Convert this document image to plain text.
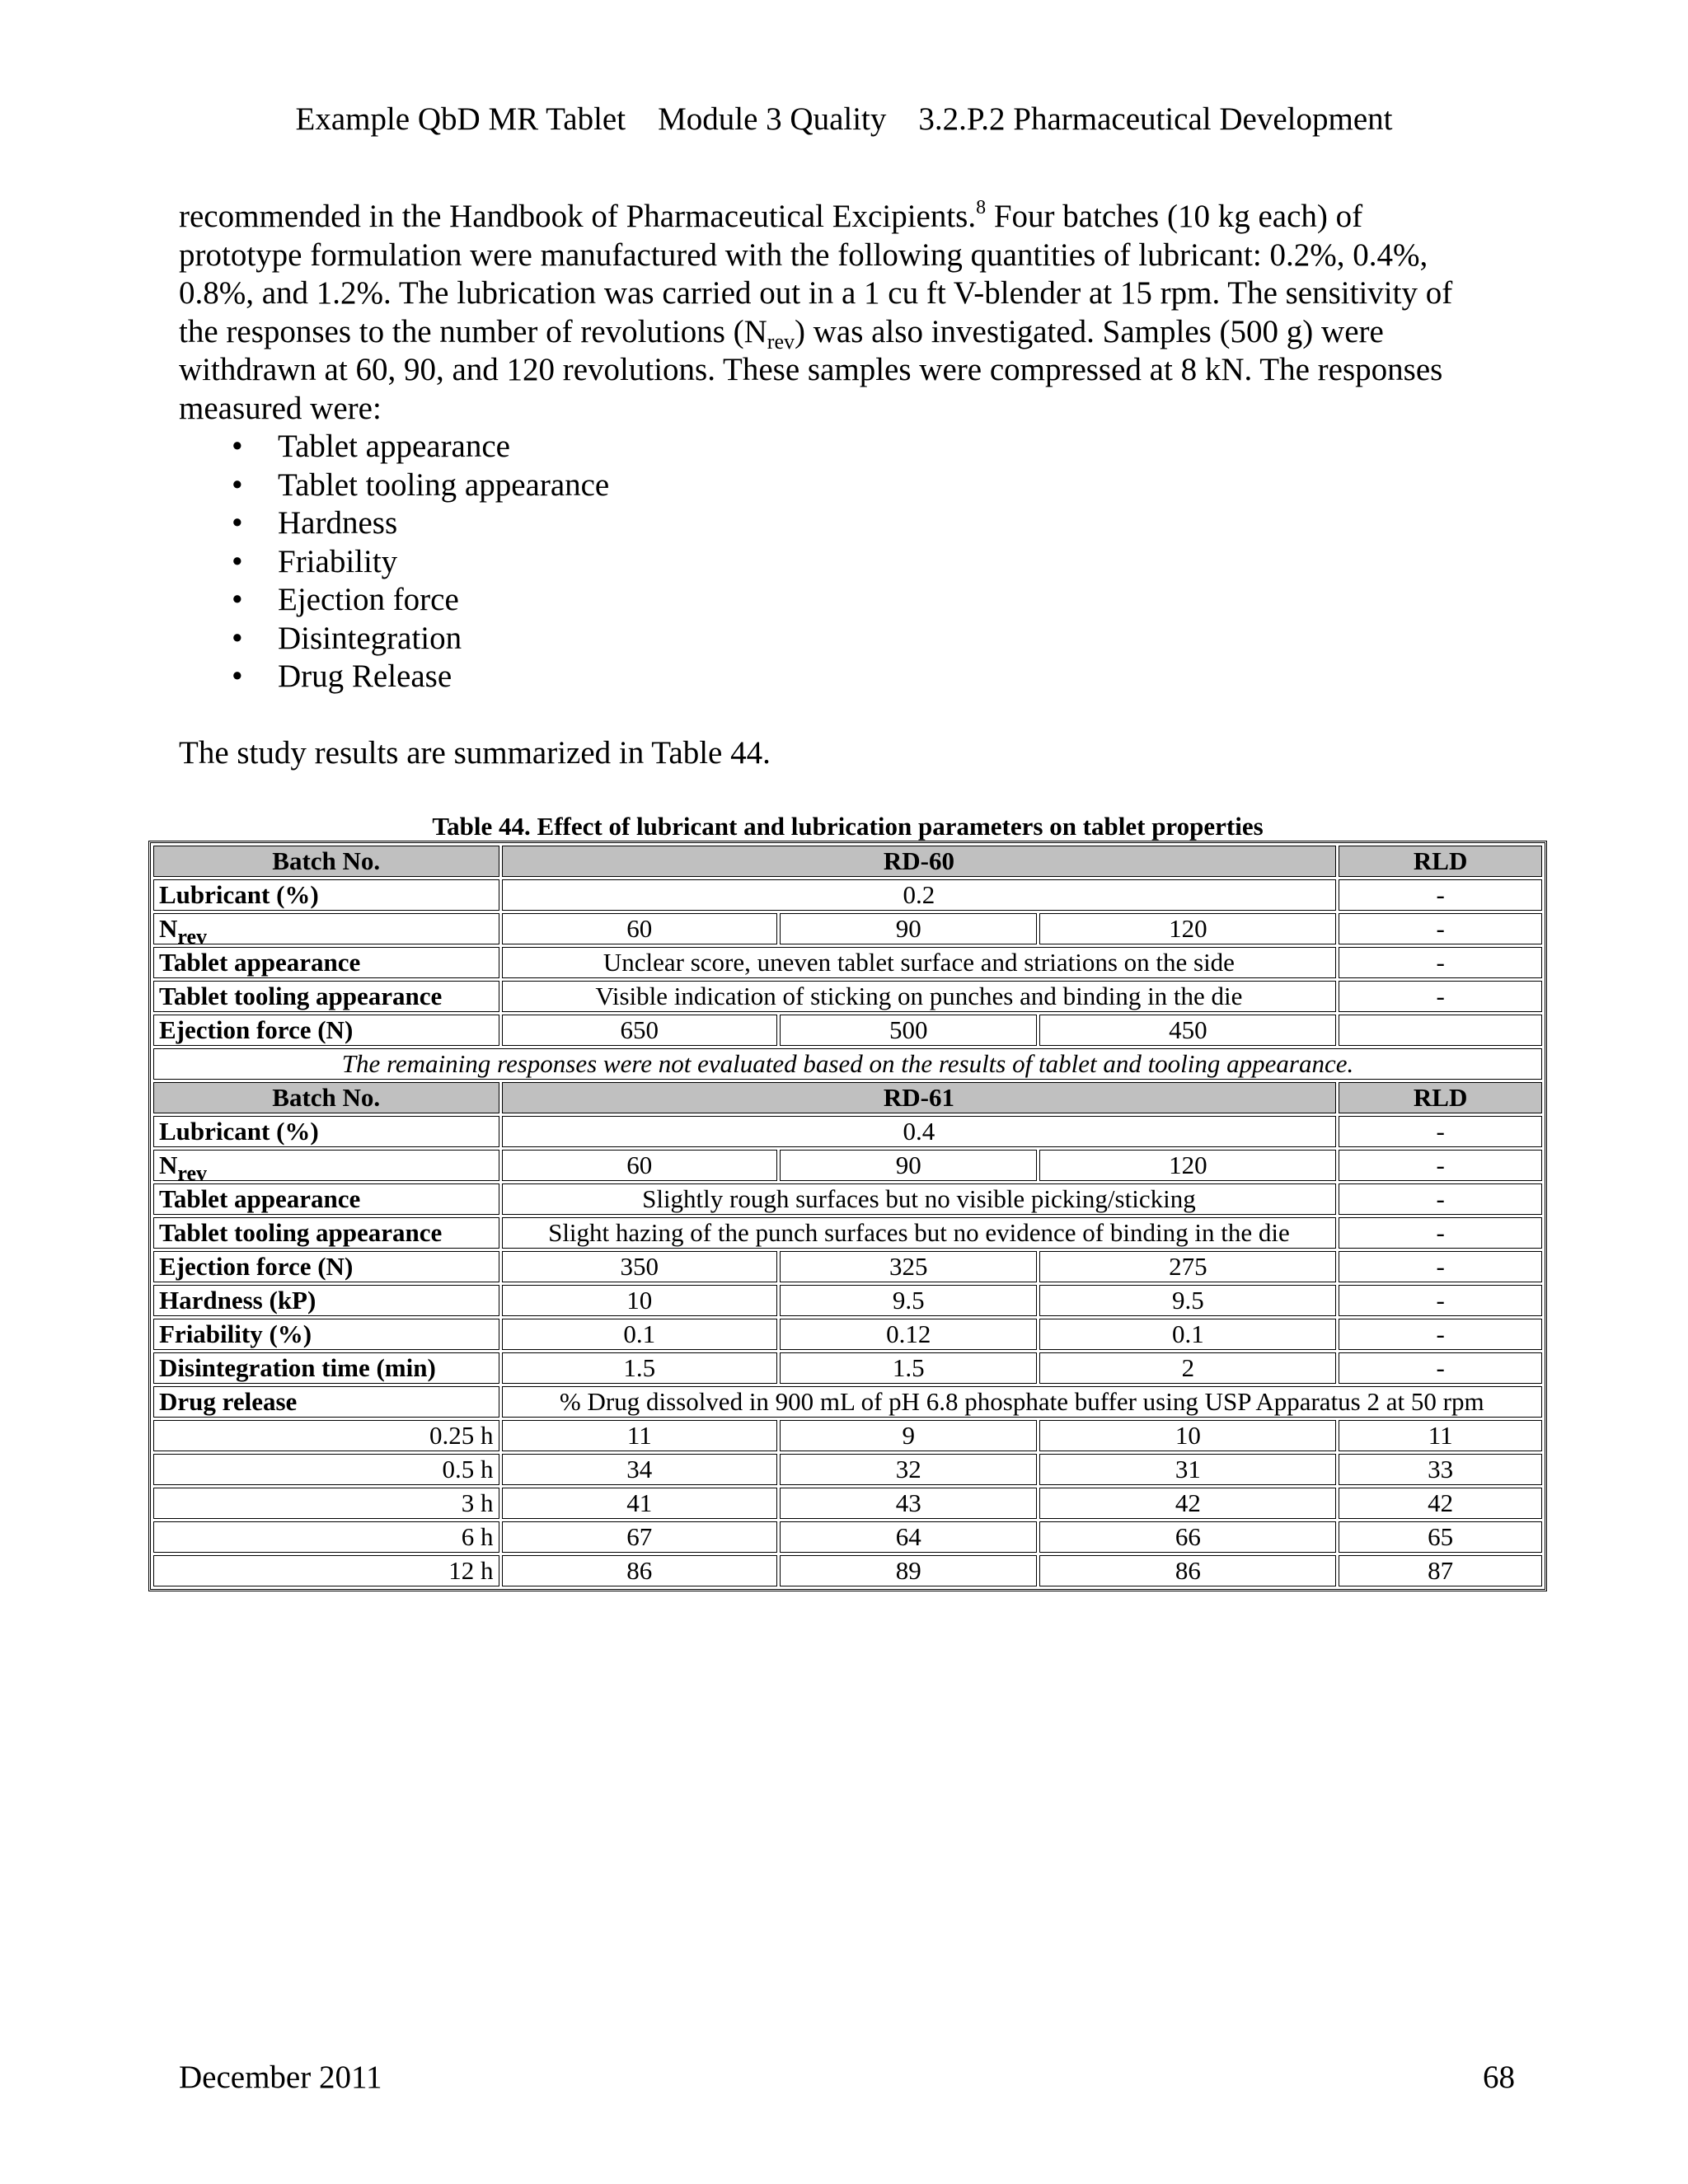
Example QbD MR Tablet Module 3 Quality 3.2.P.2 Pharmaceutical Development

recommended in the Handbook of Pharmaceutical Excipients.$^8$ Four batches (10 kg each) of

prototype formulation were manufactured with the following quantities of lubricant: 0.2%, 0.4%,

0.8%, and 1.2%. The lubrication was carried out in a 1 cu ft V-blender at 15 rpm. The sensitivity of

the responses to the number of revolutions $(N_{rev})$ was also investigated. Samples (500 g) were

withdrawn at 60, 90, and 120 revolutions. These samples were compressed at 8 kN. The responses

measured were:

• Tablet appearance
• Tablet tooling appearance
• Hardness
• Friability
• Ejection force
• Disintegration
• Drug Release

The study results are summarized in Table 44.

Table 44. Effect of lubricant and lubrication parameters on tablet properties
Batch No.	RD-60			RLD
Lubricant (%)	0.2			-
$N_{rev}$	60	90	120	-
Tablet appearance	Unclear score, uneven tablet surface and striations on the side			-
Tablet tooling appearance	Visible indication of sticking on punches and binding in the die			-
Ejection force (N)	650	500	450	
The remaining responses were not evaluated based on the results of tablet and tooling appearance.				
Batch No.	RD-61			RLD
Lubricant (%)	0.4			-
$N_{rev}$	60	90	120	-
Tablet appearance	Slightly rough surfaces but no visible picking/sticking			-
Tablet tooling appearance	Slight hazing of the punch surfaces but no evidence of binding in the die			-
Ejection force (N)	350	325	275	-
Hardness (kP)	10	9.5	9.5	-
Friability (%)	0.1	0.12	0.1	-
Disintegration time (min)	1.5	1.5	2	-
Drug release	% Drug dissolved in 900 mL of pH 6.8 phosphate buffer using USP Apparatus 2 at 50 rpm			
0.25 h	11	9	10	11
0.5 h	34	32	31	33
3 h	41	43	42	42
6 h	67	64	66	65
12 h	86	89	86	87
December 2011	68
